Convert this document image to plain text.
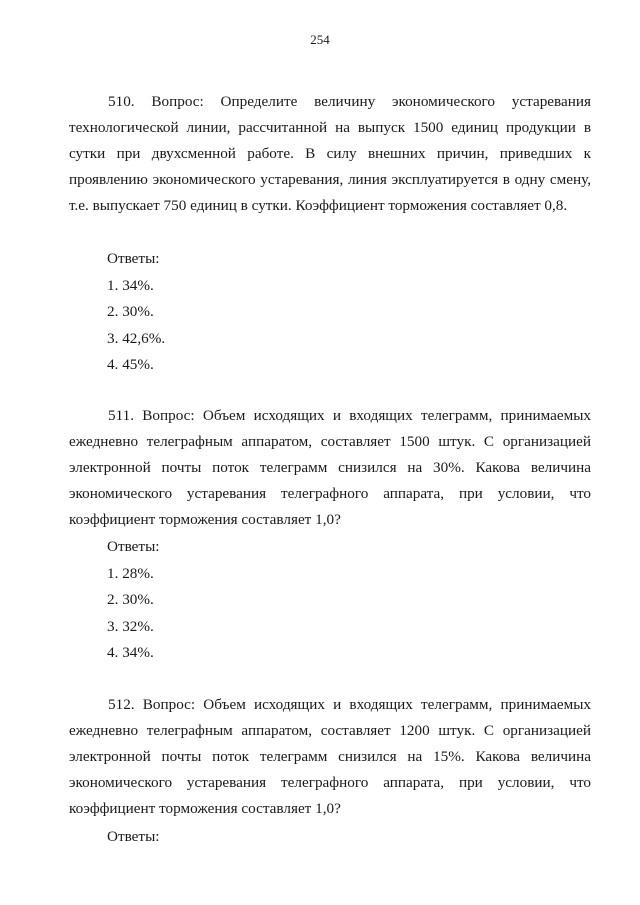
254

510. Вопрос: Определите величину экономического устаревания технологической линии, рассчитанной на выпуск 1500 единиц продукции в сутки при двухсменной работе. В силу внешних причин, приведших к проявлению экономического устаревания, линия эксплуатируется в одну смену, т.е. выпускает 750 единиц в сутки. Коэффициент торможения составляет 0,8.

Ответы:
1. 34%.
2. 30%.
3. 42,6%.
4. 45%.

511. Вопрос: Объем исходящих и входящих телеграмм, принимаемых ежедневно телеграфным аппаратом, составляет 1500 штук. С организацией электронной почты поток телеграмм снизился на 30%. Какова величина экономического устаревания телеграфного аппарата, при условии, что коэффициент торможения составляет 1,0?

Ответы:
1. 28%.
2. 30%.
3. 32%.
4. 34%.

512. Вопрос: Объем исходящих и входящих телеграмм, принимаемых ежедневно телеграфным аппаратом, составляет 1200 штук. С организацией электронной почты поток телеграмм снизился на 15%. Какова величина экономического устаревания телеграфного аппарата, при условии, что коэффициент торможения составляет 1,0?

Ответы:
